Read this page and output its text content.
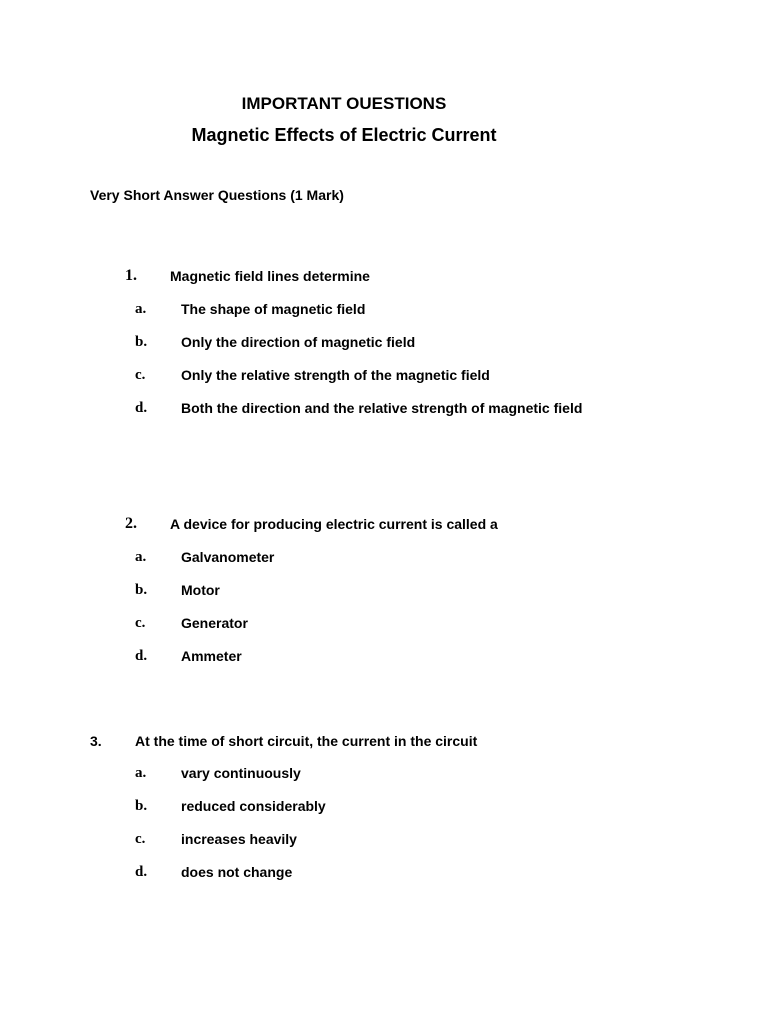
IMPORTANT OUESTIONS
Magnetic Effects of Electric Current
Very Short Answer Questions (1 Mark)
1. Magnetic field lines determine
a. The shape of magnetic field
b. Only the direction of magnetic field
c.	Only the relative strength of the magnetic field
d. Both the direction and the relative strength of magnetic field
2. A device for producing electric current is called a
a. Galvanometer
b. Motor
c.	Generator
d. Ammeter
3. At the time of short circuit, the current in the circuit
a. vary continuously
b. reduced considerably
c.	increases heavily
d. does not change
